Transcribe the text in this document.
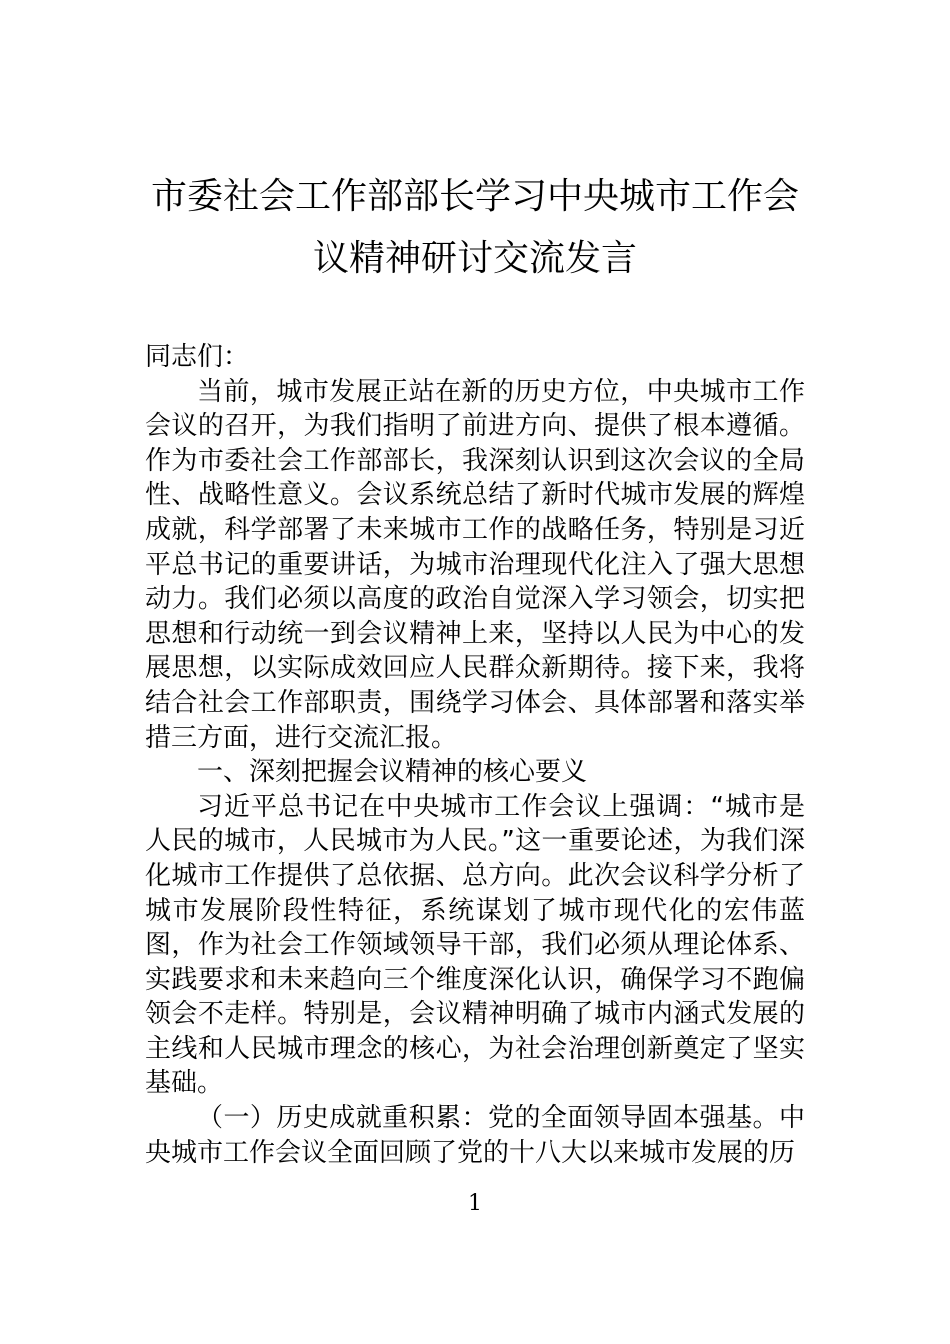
市委社会工作部部长学习中央城市工作会
议精神研讨交流发言

同志们：

当前，城市发展正站在新的历史方位，中央城市工作会议的召开，为我们指明了前进方向、提供了根本遵循。作为市委社会工作部部长，我深刻认识到这次会议的全局性、战略性意义。会议系统总结了新时代城市发展的辉煌成就，科学部署了未来城市工作的战略任务，特别是习近平总书记的重要讲话，为城市治理现代化注入了强大思想动力。我们必须以高度的政治自觉深入学习领会，切实把思想和行动统一到会议精神上来，坚持以人民为中心的发展思想，以实际成效回应人民群众新期待。接下来，我将结合社会工作部职责，围绕学习体会、具体部署和落实举措三方面，进行交流汇报。

一、深刻把握会议精神的核心要义

习近平总书记在中央城市工作会议上强调：“城市是人民的城市，人民城市为人民。”这一重要论述，为我们深化城市工作提供了总依据、总方向。此次会议科学分析了城市发展阶段性特征，系统谋划了城市现代化的宏伟蓝图，作为社会工作领域领导干部，我们必须从理论体系、实践要求和未来趋向三个维度深化认识，确保学习不跑偏领会不走样。特别是，会议精神明确了城市内涵式发展的主线和人民城市理念的核心，为社会治理创新奠定了坚实基础。

（一）历史成就重积累：党的全面领导固本强基。中央城市工作会议全面回顾了党的十八大以来城市发展的历

1
